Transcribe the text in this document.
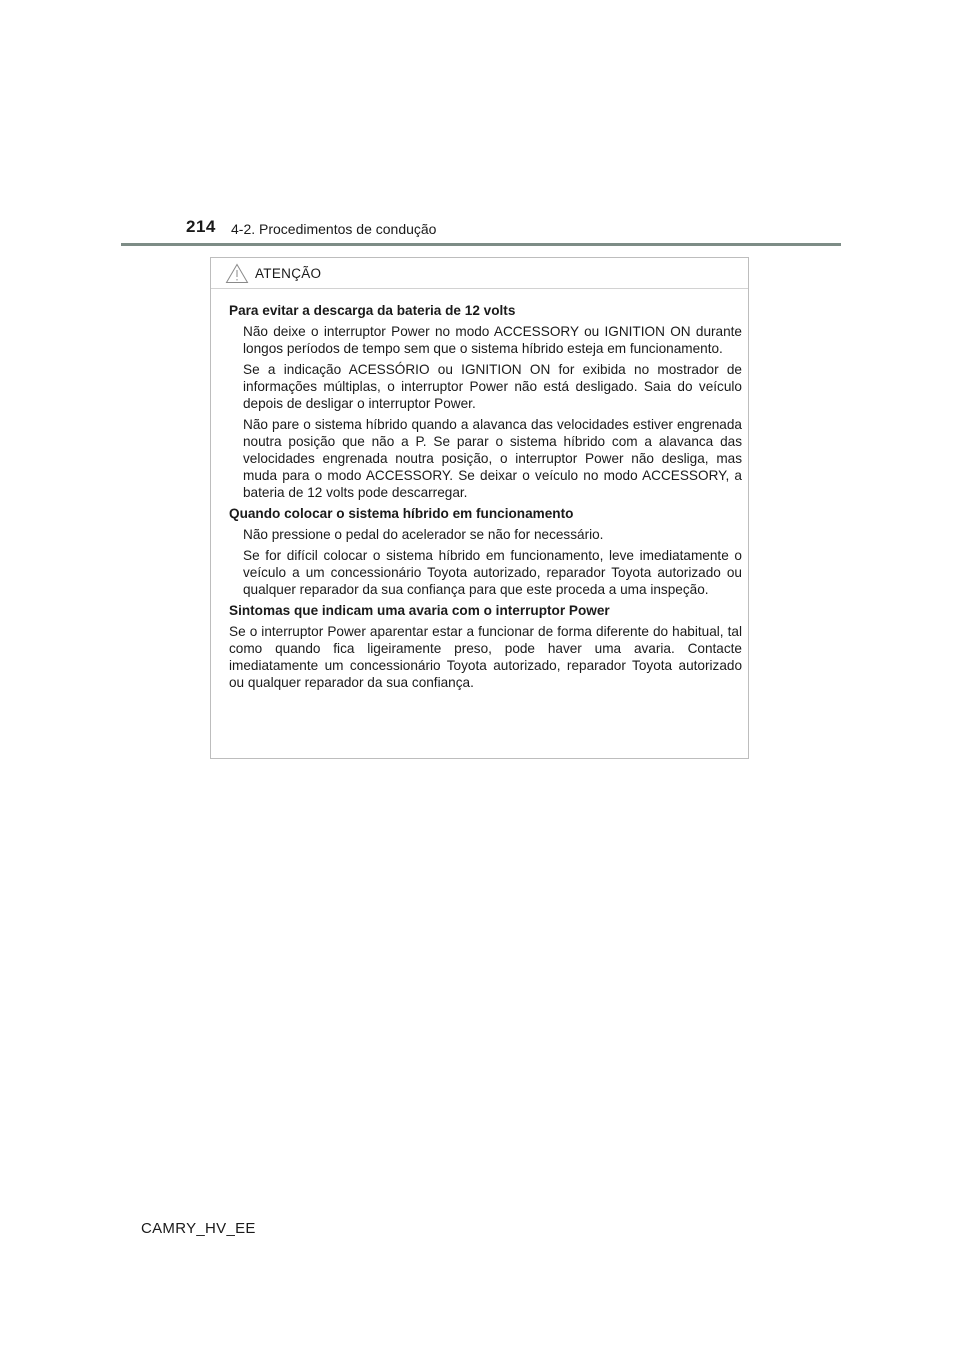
214 4-2. Procedimentos de condução
ATENÇÃO

Para evitar a descarga da bateria de 12 volts

Não deixe o interruptor Power no modo ACCESSORY ou IGNITION ON durante longos períodos de tempo sem que o sistema híbrido esteja em funcionamento.

Se a indicação ACESSÓRIO ou IGNITION ON for exibida no mostrador de informações múltiplas, o interruptor Power não está desligado. Saia do veículo depois de desligar o interruptor Power.

Não pare o sistema híbrido quando a alavanca das velocidades estiver engrenada noutra posição que não a P. Se parar o sistema híbrido com a alavanca das velocidades engrenada noutra posição, o interruptor Power não desliga, mas muda para o modo ACCESSORY. Se deixar o veículo no modo ACCESSORY, a bateria de 12 volts pode descarregar.

Quando colocar o sistema híbrido em funcionamento

Não pressione o pedal do acelerador se não for necessário.

Se for difícil colocar o sistema híbrido em funcionamento, leve imediatamente o veículo a um concessionário Toyota autorizado, reparador Toyota autorizado ou qualquer reparador da sua confiança para que este proceda a uma inspeção.

Sintomas que indicam uma avaria com o interruptor Power

Se o interruptor Power aparentar estar a funcionar de forma diferente do habitual, tal como quando fica ligeiramente preso, pode haver uma avaria. Contacte imediatamente um concessionário Toyota autorizado, reparador Toyota autorizado ou qualquer reparador da sua confiança.

CAMRY_HV_EE
